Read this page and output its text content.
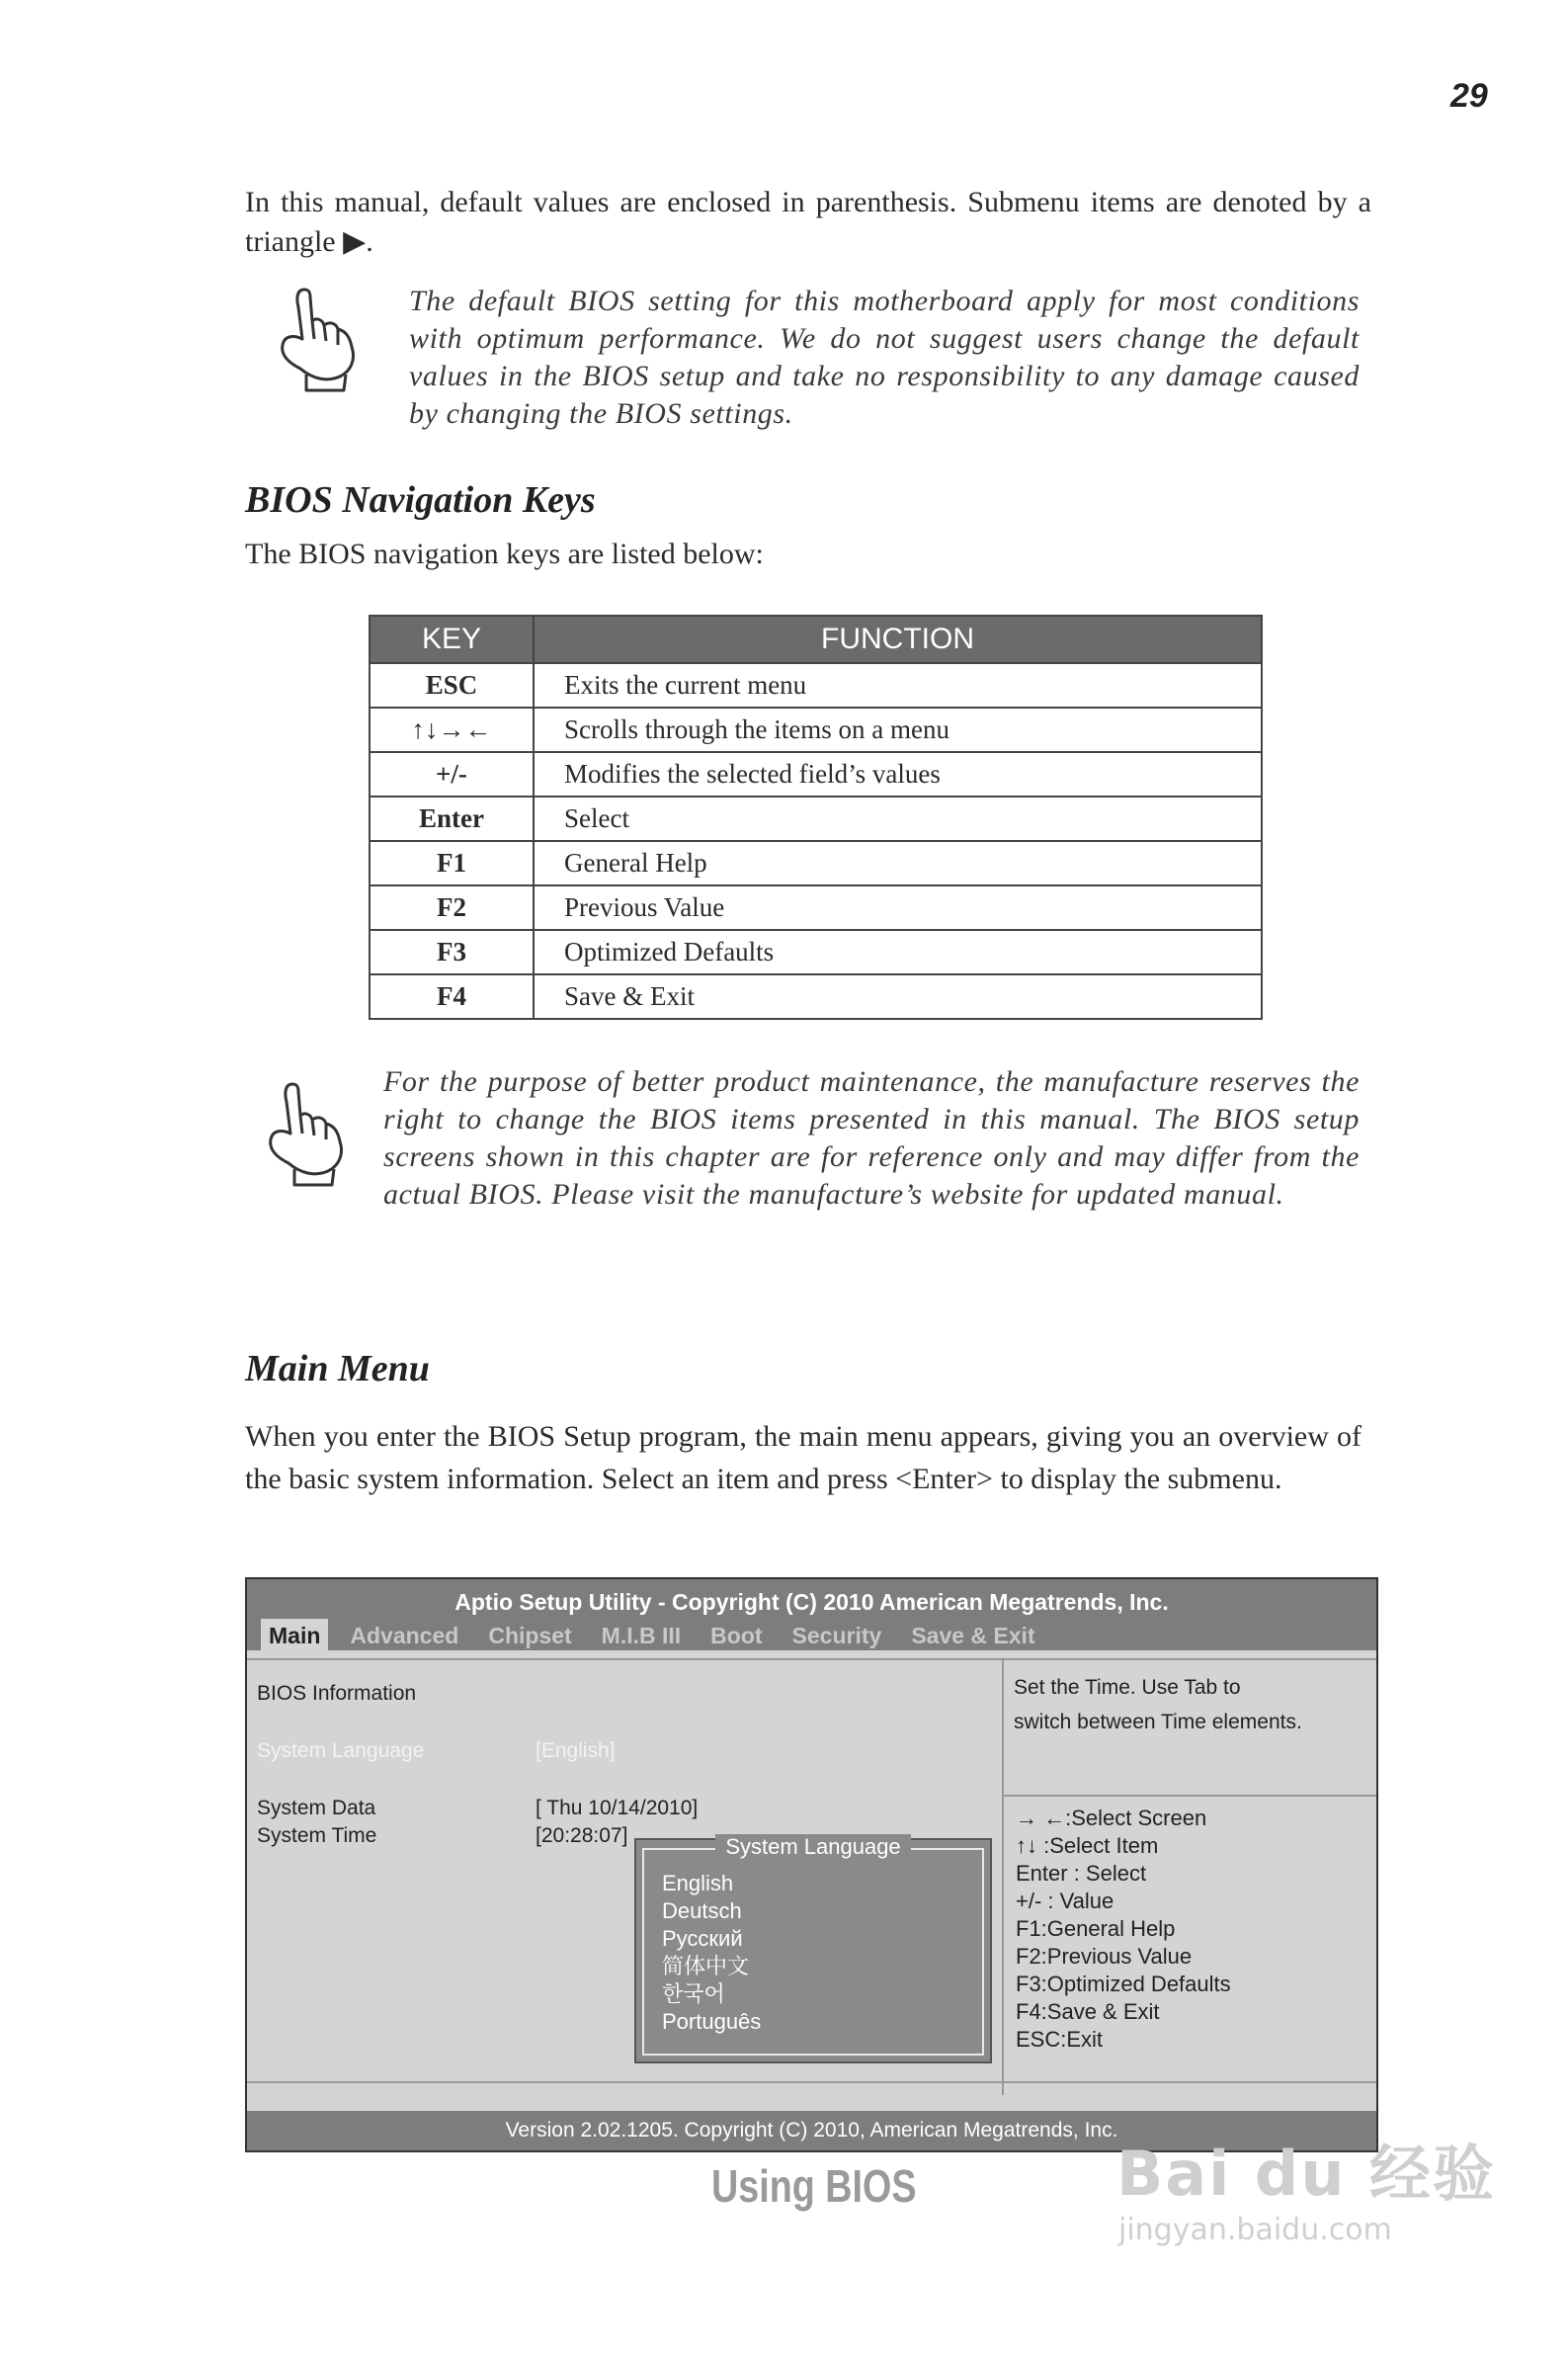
29
In this manual, default values are enclosed in parenthesis. Submenu items are denoted by a triangle ▶.
The default BIOS setting for this motherboard apply for most conditions with optimum performance. We do not suggest users change the default values in the BIOS setup and take no responsibility to any damage caused by changing the BIOS settings.
BIOS Navigation Keys
The BIOS navigation keys are listed below:
KEY	FUNCTION
ESC	Exits the current menu
↑↓→←	Scrolls through the items on a menu
+/-	Modifies the selected field’s values
Enter	Select
F1	General Help
F2	Previous Value
F3	Optimized Defaults
F4	Save & Exit
For the purpose of better product maintenance, the manufacture reserves the right to change the BIOS items presented in this manual. The BIOS setup screens shown in this chapter are for reference only and may differ from the actual BIOS. Please visit the manufacture’s website for updated manual.
Main Menu
When you enter the BIOS Setup program, the main menu appears, giving you an overview of the basic system information. Select an item and press <Enter> to display the submenu.
Aptio Setup Utility - Copyright (C) 2010 American Megatrends, Inc.
Main	Advanced	Chipset	M.I.B III	Boot	Security	Save & Exit
BIOS Information
System Language	[English]
System Data	[ Thu 10/14/2010]
System Time	[20:28:07]	System Language
English
Deutsch
Русский
简体中文
한국어
Português
Set the Time. Use Tab to
switch between Time elements.
→ ←:Select Screen
↑↓ :Select Item
Enter : Select
+/- : Value
F1:General Help
F2:Previous Value
F3:Optimized Defaults
F4:Save & Exit
ESC:Exit
Version 2.02.1205. Copyright (C) 2010, American Megatrends, Inc.
Using BIOS	Bai du 经验
jingyan.baidu.com
